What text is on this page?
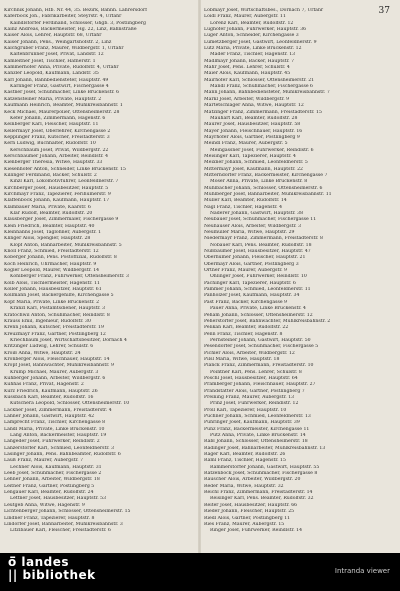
37
Kirchnik Johann, Hfb. Nr. 44, 35. Bezirk, Bahnh. Lahrersdorf
Käferböck Joh., Fabrikarbeiter, Steyrstr. 4, Urfahr
Kaindlstorfer Ferdinand, Schlosser, Ghgb. 3, Pöstlingberg
Kainz Andreas, Bäckermeister, Hg. 22, Linz, Bahnstraße
Kaiser Alois, Lehrer, Hauptstr. 68, Urfahr
Kaiser Johann, Pens., Weingartshofstr. 2, Linz
Kalchgruber Franz, Maurer, Wildbergstr. 1, Urfahr
Kaltenbrunner Josef, Privat, Landstr. 12
Kamleitner Josef, Tischler, Hafnerstr. 1
Kammerhofer Anna, Private, Rudolfstr. 4, Urfahr
Kanzler Leopold, Kaufmann, Landstr. 35
Karl Johann, Bahnbediensteter, Hauptstr. 49
Karlinger Franz, Gastwirt, Fischergasse 4
Kastner Josef, Schuhmacher, Linke Brückenstr. 6
Katzensteiner Maria, Private, Hauptstr. 2
Kaufmann Heinrich, Beamter, Mühlkreisbahnstr. 1
Keck Michael, Maurerpolier, Ottensheimerstr. 28
Kefer Johann, Zimmermann, Hagenstr. 6
Keinberger Karl, Fleischer, Hauptstr. 11
Kellermayr Josef, Oberlehrer, Kirchengasse 2
Kepplinger Franz, Kutscher, Freistädterstr. 3
Kern Ludwig, Buchhalter, Rudolfstr. 10
Kerschbaum Josef, Privat, Wildbergstr. 22
Kerschbaumer Johann, Arbeiter, Reindlstr. 4
Kienberger Theresia, Witwe, Hauptstr. 33
Kiesenhofer Anton, Schneider, Linke Brückenstr. 15
Killinger Ferdinand, Bäcker, Schulstr. 2
Kinzl Karl, Lokomotivführer, Leonfeldnerstr. 7
Kirchberger Josef, Hausbesitzer, Hauptstr. 5
Kirchmayr Franz, Tapezierer, Ferihumerstr. 9
Klaffenböck Johann, Kaufmann, Hauptstr. 17
Klambauer Maria, Private, Kaarstr. 6
Klar Rudolf, Beamter, Rudolfstr. 20
Klausberger Josef, Zimmermaler, Fischergasse 9
Klein Friedrich, Beamter, Hauptstr. 40
Kleinhanns Josef, Taglöhner, Aubergstr. 1
Klinger Alois, Spengler, Hauptstr. 28
Klopf Anton, Bahnarbeiter, Mühlkreisbahnstr. 5
Knoll Franz, Schmied, Freistädterstr. 12
Koberger Johann, Pens. Postoffizial, Rudolfstr. 8
Koch Heinrich, Uhrmacher, Hauptstr. 9
Kogler Leopold, Maurer, Wildbergstr. 14
Kohlberger Franz, Fuhrwerker, Ottensheimerstr. 3
Kolb Alois, Tischlermeister, Hagenstr. 11
Koller Johann, Hausbesitzer, Hauptstr. 61
Kollmann Josef, Bäckergehilfe, Kirchengasse 5
Kopf Maria, Private, Linke Brückenstr. 2
Kranzl Karl, Postamtsdiener, Hauptstr. 3
Kratochwil Anton, Schuhmacher, Reindlstr. 8
Krauss Emil, Ingenieur, Rudolfstr. 30
Krenn Johann, Kutscher, Freistädterstr. 19
Kreuzmayr Franz, Gärtner, Pöstlingberg 12
Kriechbaum Josef, Wirtschaftsbesitzer, Dornach 4
Kritzinger Ludwig, Lehrer, Schulstr. 6
Kroiß Anna, Witwe, Hauptstr. 24
Kronberger Alois, Fleischhauer, Hauptstr. 14
Kropf Josef, Bahnwächter, Mühlkreisbahnstr. 9
Krump Michael, Maurer, Aubergstr. 3
Kühberger Johann, Arbeiter, Wildbergstr. 6
Kühhas Franz, Privat, Hagenstr. 2
Kurz Friedrich, Kaufmann, Hauptstr. 26
Kussbach Karl, Beamter, Rudolfstr. 16
Kutschera Leopold, Schlosser, Ottensheimerstr. 10
Lackner Josef, Zimmermann, Freistädterstr. 4
Lahner Johann, Gastwirt, Hauptstr. 42
Lamprecht Franz, Tischler, Kirchengasse 8
Landl Maria, Private, Linke Brückenstr. 10
Lang Anton, Bäckermeister, Hauptstr. 19
Langeder Josef, Fuhrwerker, Reindlstr. 2
Lanzerstorfer Karl, Schmied, Leonfeldnerstr. 3
Lasinger Johann, Pens. Bahnbeamter, Rudolfstr. 6
Lauß Franz, Maurer, Aubergstr. 7
Lechner Alois, Kaufmann, Hauptstr. 31
Leeb Josef, Schuhmacher, Fischergasse 2
Lehner Johann, Arbeiter, Wildbergstr. 18
Leitner Franz, Gärtner, Pöstlingberg 5
Lengauer Karl, Beamter, Rudolfstr. 24
Lettner Josef, Hausbesitzer, Hauptstr. 53
Leutgeb Anna, Witwe, Hagenstr. 9
Lichtenberger Johann, Schlosser, Ottensheimerstr. 15
Lindner Franz, Tapezierer, Hauptstr. 8
Lindorfer Josef, Bahnarbeiter, Mühlkreisbahnstr. 3
Litzlbauer Karl, Fleischer, Freistädterstr. 6
Lobmayr Josef, Wirtschaftsbes., Dornach 7, Urfahr
Loidl Franz, Maurer, Aubergstr. 11
Lorenz Karl, Beamter, Rudolfstr. 12
Lughofer Johann, Fuhrwerker, Hauptstr. 36
Luger Anton, Schneider, Kirchengasse 3
Lumetzberger Josef, Gastwirt, Leonfeldnerstr. 9
Lutz Maria, Private, Linke Brückenstr. 12
Mader Franz, Tischler, Hagenstr. 13
Madlmayr Johann, Bäcker, Hauptstr. 7
Mahr Josef, Pens. Lehrer, Schulstr. 4
Maier Alois, Kaufmann, Hauptstr. 45
Mairhofer Karl, Schlosser, Ottensheimerstr. 21
Mandl Franz, Schuhmacher, Fischergasse 6
Mann Johann, Bahnbediensteter, Mühlkreisbahnstr. 7
Markl Josef, Arbeiter, Wildbergstr. 9
Martetschläger Anna, Witwe, Hauptstr. 12
Matzinger Franz, Zimmermann, Freistädterstr. 15
Mauhart Karl, Beamter, Rudolfstr. 28
Maurer Josef, Hausbesitzer, Hauptstr. 58
Mayer Johann, Fleischhauer, Hauptstr. 16
Mayrhofer Alois, Gärtner, Pöstlingberg 9
Meindl Franz, Maurer, Aubergstr. 5
Meingassner Josef, Fuhrwerker, Reindlstr. 6
Meisinger Karl, Tapezierer, Hauptstr. 4
Meixner Johann, Schmied, Leonfeldnerstr. 5
Mittermayr Josef, Kaufmann, Hauptstr. 22
Mitterndorfer Franz, Bäckermeister, Kirchengasse 7
Moser Anna, Private, Linke Brückenstr. 8
Mühlbacher Johann, Schlosser, Ottensheimerstr. 6
Mühlberger Josef, Bahnarbeiter, Mühlkreisbahnstr. 11
Müller Karl, Beamter, Rudolfstr. 14
Nagl Franz, Tischler, Hagenstr. 4
Naderer Johann, Gastwirt, Hauptstr. 38
Neubauer Josef, Schuhmacher, Fischergasse 11
Neuhauser Alois, Arbeiter, Wildbergstr. 3
Neumüller Maria, Witwe, Hauptstr. 29
Niedermayr Franz, Zimmermann, Freistädterstr. 8
Nöbauer Karl, Pens. Beamter, Rudolfstr. 18
Nußbaumer Josef, Hausbesitzer, Hauptstr. 47
Oberhumer Johann, Fleischer, Hauptstr. 21
Obermayr Alois, Gärtner, Pöstlingberg 3
Ortner Franz, Maurer, Aubergstr. 9
Öhlinger Josef, Fuhrwerker, Reindlstr. 10
Pachinger Karl, Tapezierer, Hauptstr. 6
Pammer Johann, Schmied, Leonfeldnerstr. 11
Panholzer Josef, Kaufmann, Hauptstr. 34
Past Franz, Bäcker, Kirchengasse 9
Pauer Anna, Private, Linke Brückenstr. 4
Peham Johann, Schlosser, Ottensheimerstr. 12
Peherstorfer Josef, Bahnwächter, Mühlkreisbahnstr. 2
Pelikan Karl, Beamter, Rudolfstr. 22
Penn Franz, Tischler, Hagenstr. 8
Pernsteiner Johann, Gastwirt, Hauptstr. 50
Pesendorfer Josef, Schuhmacher, Fischergasse 5
Pichler Alois, Arbeiter, Wildbergstr. 12
Pilsl Maria, Witwe, Hauptstr. 18
Planck Franz, Zimmermann, Freistädterstr. 10
Pointner Karl, Pens. Lehrer, Schulstr. 8
Pöschl Josef, Hausbesitzer, Hauptstr. 64
Pramberger Johann, Fleischhauer, Hauptstr. 27
Prandstätter Alois, Gärtner, Pöstlingberg 7
Preining Franz, Maurer, Aubergstr. 13
Prinz Josef, Fuhrwerker, Reindlstr. 12
Pröll Karl, Tapezierer, Hauptstr. 10
Puchner Johann, Schmied, Leonfeldnerstr. 13
Pühringer Josef, Kaufmann, Hauptstr. 39
Punz Franz, Bäckermeister, Kirchengasse 11
Putz Anna, Private, Linke Brückenstr. 14
Rabl Johann, Schlosser, Ottensheimerstr. 18
Radinger Josef, Bahnarbeiter, Mühlkreisbahnstr. 13
Rager Karl, Beamter, Rudolfstr. 26
Raml Franz, Tischler, Hagenstr. 15
Rammerstorfer Johann, Gastwirt, Hauptstr. 55
Ratzenböck Josef, Schuhmacher, Fischergasse 8
Rauscher Alois, Arbeiter, Wildbergstr. 20
Reder Maria, Witwe, Hauptstr. 32
Reichl Franz, Zimmermann, Freistädterstr. 14
Reisinger Karl, Pens. Beamter, Rudolfstr. 32
Reiter Josef, Hausbesitzer, Hauptstr. 66
Rieder Johann, Fleischer, Hauptstr. 25
Riedl Alois, Gärtner, Pöstlingberg 11
Ries Franz, Maurer, Aubergstr. 15
Ringer Josef, Fuhrwerker, Reindlstr. 14
ö̈ landes
|| bibliothek	Intranda viewer
